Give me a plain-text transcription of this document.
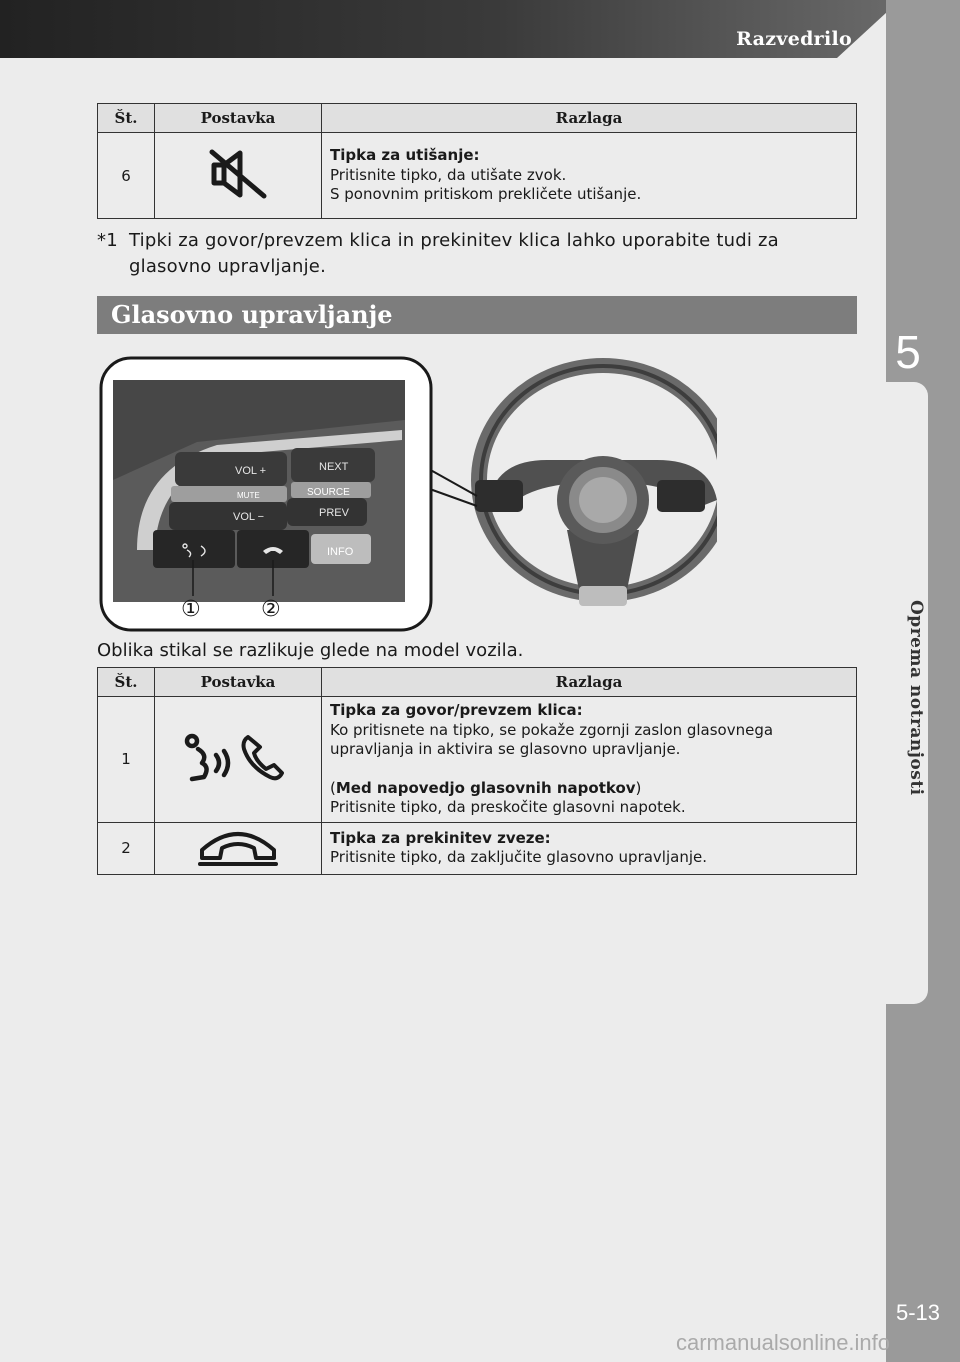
Razvedrilo
5
Oprema notranjosti
5-13
carmanualsonline.info
Št.	Postavka	Razlaga
6		Tipka za utišanje:
Pritisnite tipko, da utišate zvok.
S ponovnim pritiskom prekličete utišanje.
*1 Tipki za govor/prevzem klica in prekinitev klica lahko uporabite tudi za glasovno upravljanje.
Glasovno upravljanje
VOL +
MUTE
VOL −
NEXT
SOURCE
PREV
INFO
①	②
Oblika stikal se razlikuje glede na model vozila.
Št.	Postavka	Razlaga
1		Tipka za govor/prevzem klica:
Ko pritisnete na tipko, se pokaže zgornji zaslon glasovnega
upravljanja in aktivira se glasovno upravljanje.
(Med napovedjo glasovnih napotkov)
Pritisnite tipko, da preskočite glasovni napotek.

2		Tipka za prekinitev zveze:
Pritisnite tipko, da zaključite glasovno upravljanje.
